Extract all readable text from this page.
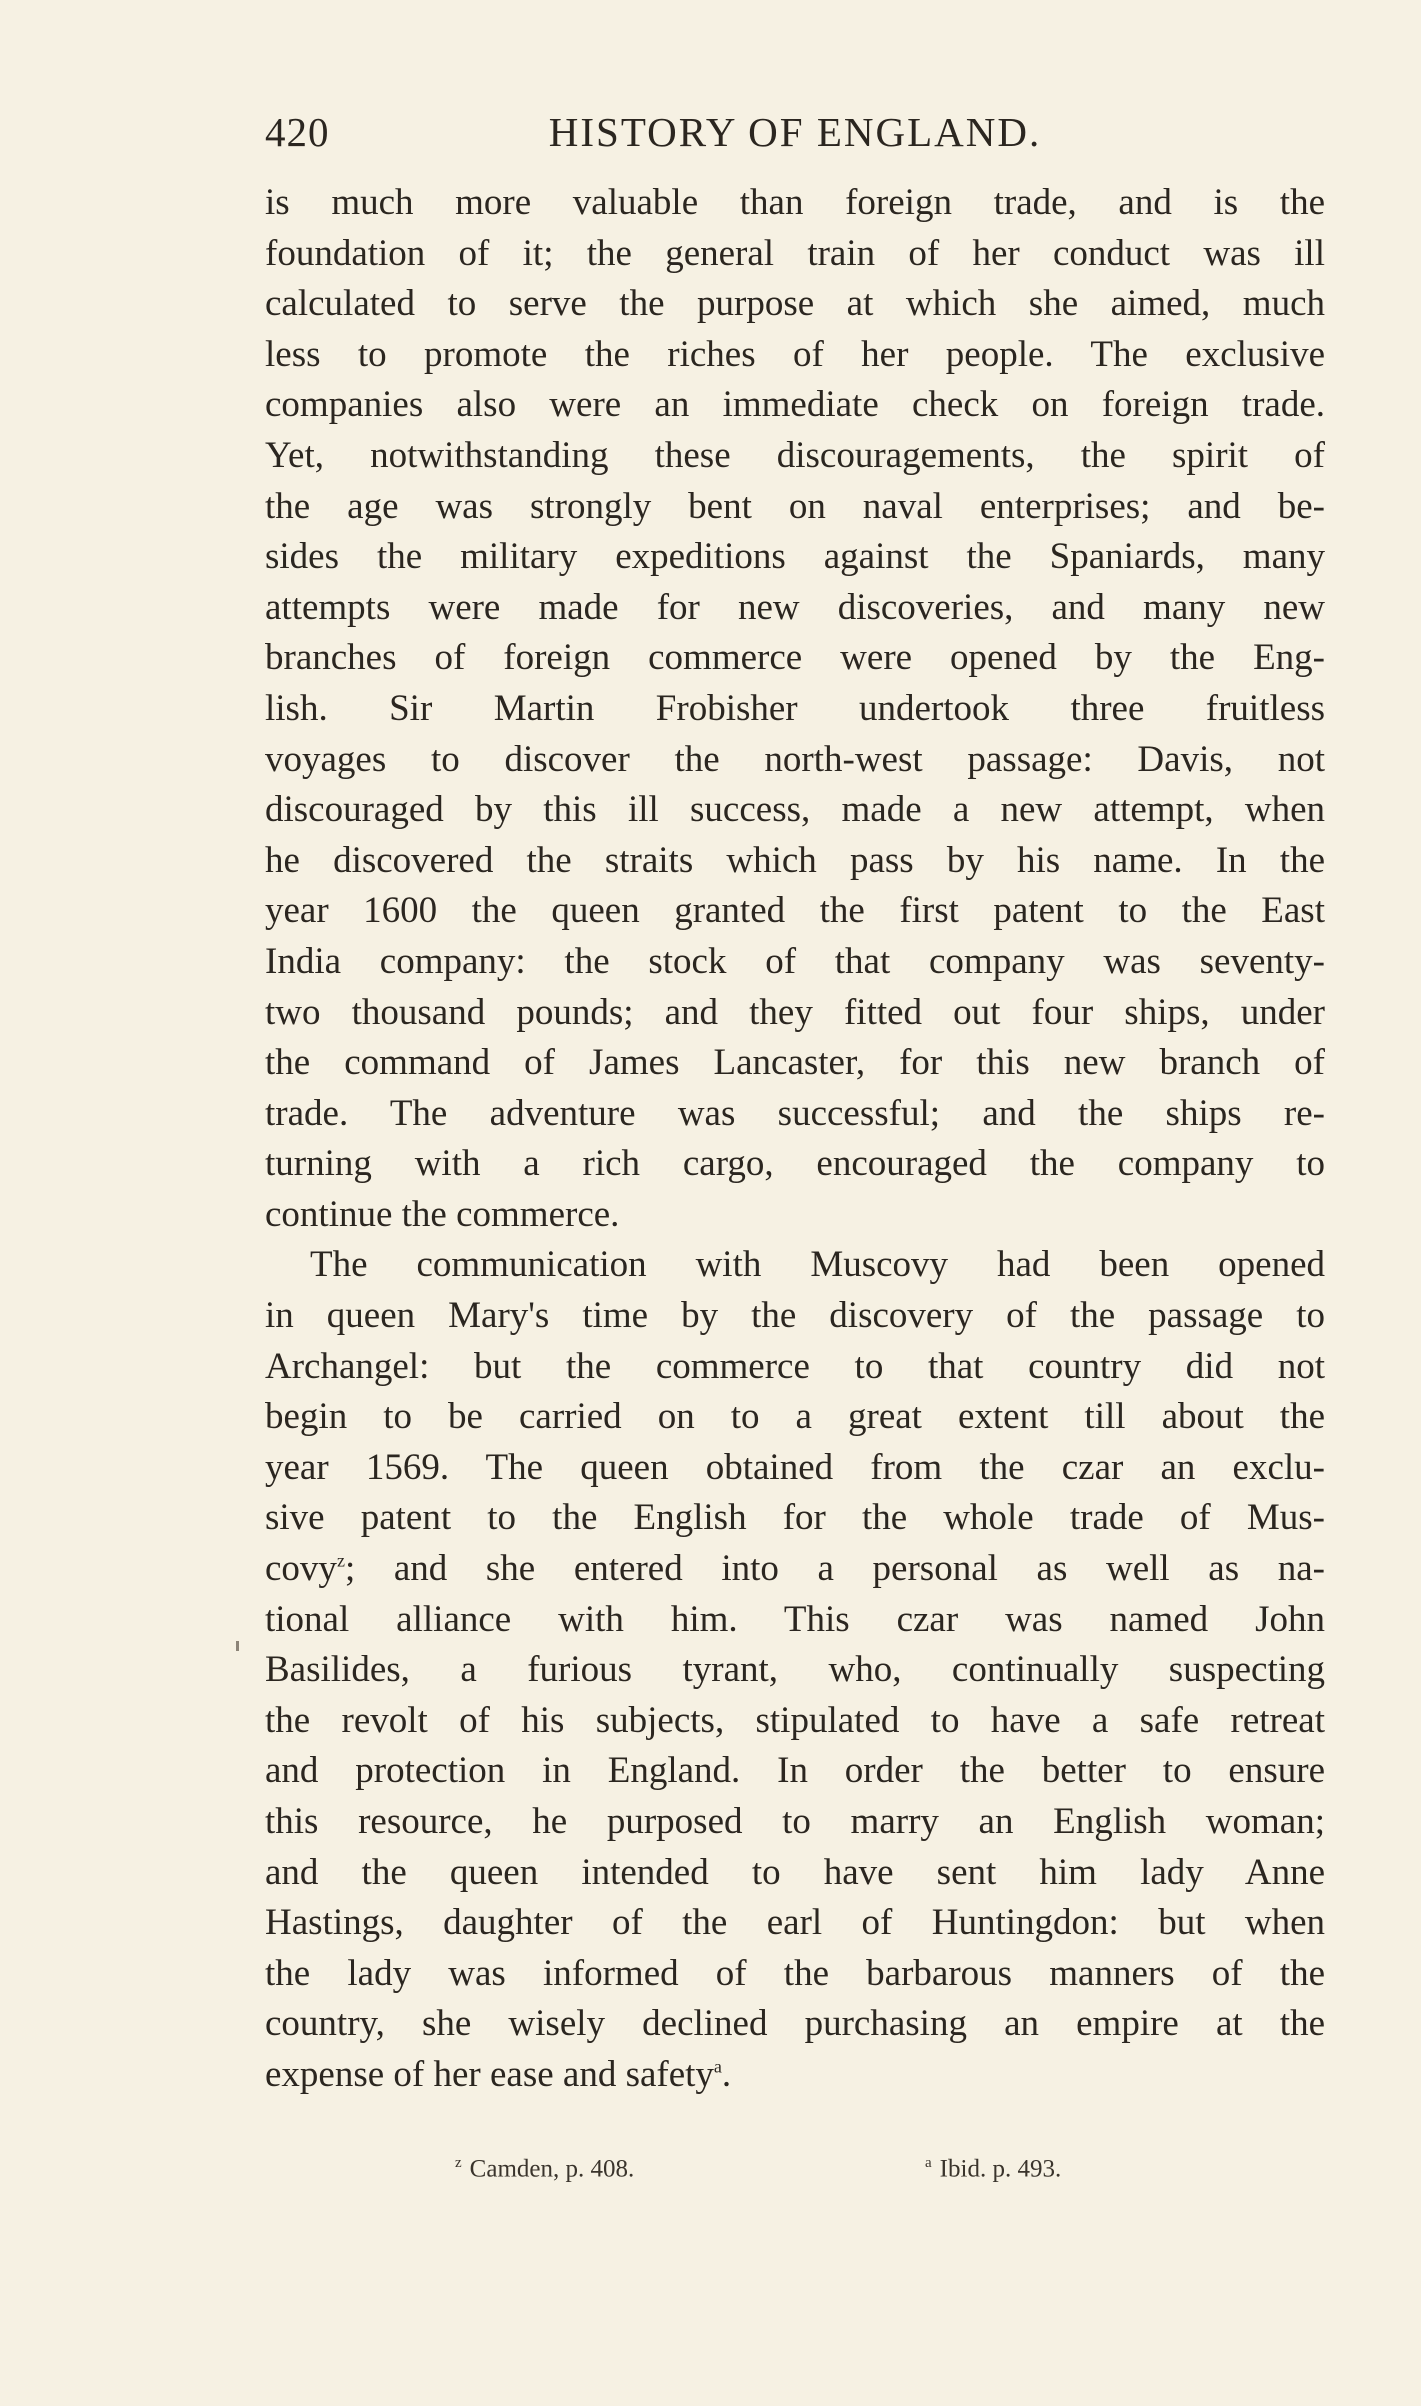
420	HISTORY OF ENGLAND.
is much more valuable than foreign trade, and is the
foundation of it; the general train of her conduct was ill
calculated to serve the purpose at which she aimed, much
less to promote the riches of her people. The exclusive
companies also were an immediate check on foreign trade.
Yet, notwithstanding these discouragements, the spirit of
the age was strongly bent on naval enterprises; and be-
sides the military expeditions against the Spaniards, many
attempts were made for new discoveries, and many new
branches of foreign commerce were opened by the Eng-
lish. Sir Martin Frobisher undertook three fruitless
voyages to discover the north-west passage: Davis, not
discouraged by this ill success, made a new attempt, when
he discovered the straits which pass by his name. In the
year 1600 the queen granted the first patent to the East
India company: the stock of that company was seventy-
two thousand pounds; and they fitted out four ships, under
the command of James Lancaster, for this new branch of
trade. The adventure was successful; and the ships re-
turning with a rich cargo, encouraged the company to
continue the commerce.
The communication with Muscovy had been opened
in queen Mary's time by the discovery of the passage to
Archangel: but the commerce to that country did not
begin to be carried on to a great extent till about the
year 1569. The queen obtained from the czar an exclu-
sive patent to the English for the whole trade of Mus-
covy$^z$; and she entered into a personal as well as na-
tional alliance with him. This czar was named John
Basilides, a furious tyrant, who, continually suspecting
the revolt of his subjects, stipulated to have a safe retreat
and protection in England. In order the better to ensure
this resource, he purposed to marry an English woman;
and the queen intended to have sent him lady Anne
Hastings, daughter of the earl of Huntingdon: but when
the lady was informed of the barbarous manners of the
country, she wisely declined purchasing an empire at the
expense of her ease and safety$^a$.
$^z$ Camden, p. 408.	$^a$ Ibid. p. 493.
